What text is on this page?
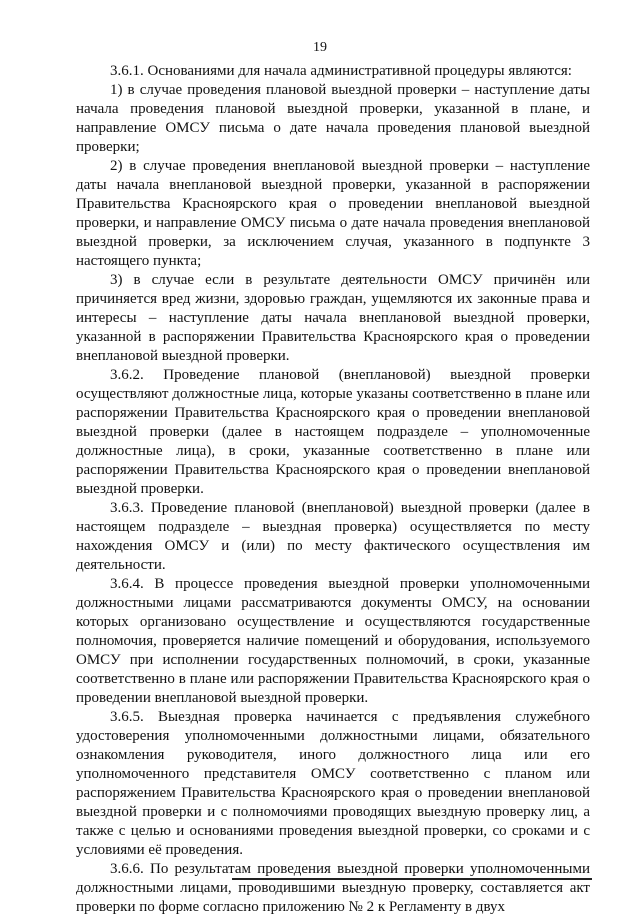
19

3.6.1. Основаниями для начала административной процедуры являются:

1) в случае проведения плановой выездной проверки – наступление даты начала проведения плановой выездной проверки, указанной в плане, и направление ОМСУ письма о дате начала проведения плановой выездной проверки;

2) в случае проведения внеплановой выездной проверки – наступление даты начала внеплановой выездной проверки, указанной в распоряжении Правительства Красноярского края о проведении внеплановой выездной проверки, и направление ОМСУ письма о дате начала проведения внеплановой выездной проверки, за исключением случая, указанного в подпункте 3 настоящего пункта;

3) в случае если в результате деятельности ОМСУ причинён или причиняется вред жизни, здоровью граждан, ущемляются их законные права и интересы – наступление даты начала внеплановой выездной проверки, указанной в распоряжении Правительства Красноярского края о проведении внеплановой выездной проверки.

3.6.2. Проведение плановой (внеплановой) выездной проверки осуществляют должностные лица, которые указаны соответственно в плане или распоряжении Правительства Красноярского края о проведении внеплановой выездной проверки (далее в настоящем подразделе – уполномоченные должностные лица), в сроки, указанные соответственно в плане или распоряжении Правительства Красноярского края о проведении внеплановой выездной проверки.

3.6.3. Проведение плановой (внеплановой) выездной проверки (далее в настоящем подразделе – выездная проверка) осуществляется по месту нахождения ОМСУ и (или) по месту фактического осуществления им деятельности.

3.6.4. В процессе проведения выездной проверки уполномоченными должностными лицами рассматриваются документы ОМСУ, на основании которых организовано осуществление и осуществляются государственные полномочия, проверяется наличие помещений и оборудования, используемого ОМСУ при исполнении государственных полномочий, в сроки, указанные соответственно в плане или распоряжении Правительства Красноярского края о проведении внеплановой выездной проверки.

3.6.5. Выездная проверка начинается с предъявления служебного удостоверения уполномоченными должностными лицами, обязательного ознакомления руководителя, иного должностного лица или его уполномоченного представителя ОМСУ соответственно с планом или распоряжением Правительства Красноярского края о проведении внеплановой выездной проверки и с полномочиями проводящих выездную проверку лиц, а также с целью и основаниями проведения выездной проверки, со сроками и с условиями её проведения.

3.6.6. По результатам проведения выездной проверки уполномоченными должностными лицами, проводившими выездную проверку, составляется акт проверки по форме согласно приложению № 2 к Регламенту в двух
